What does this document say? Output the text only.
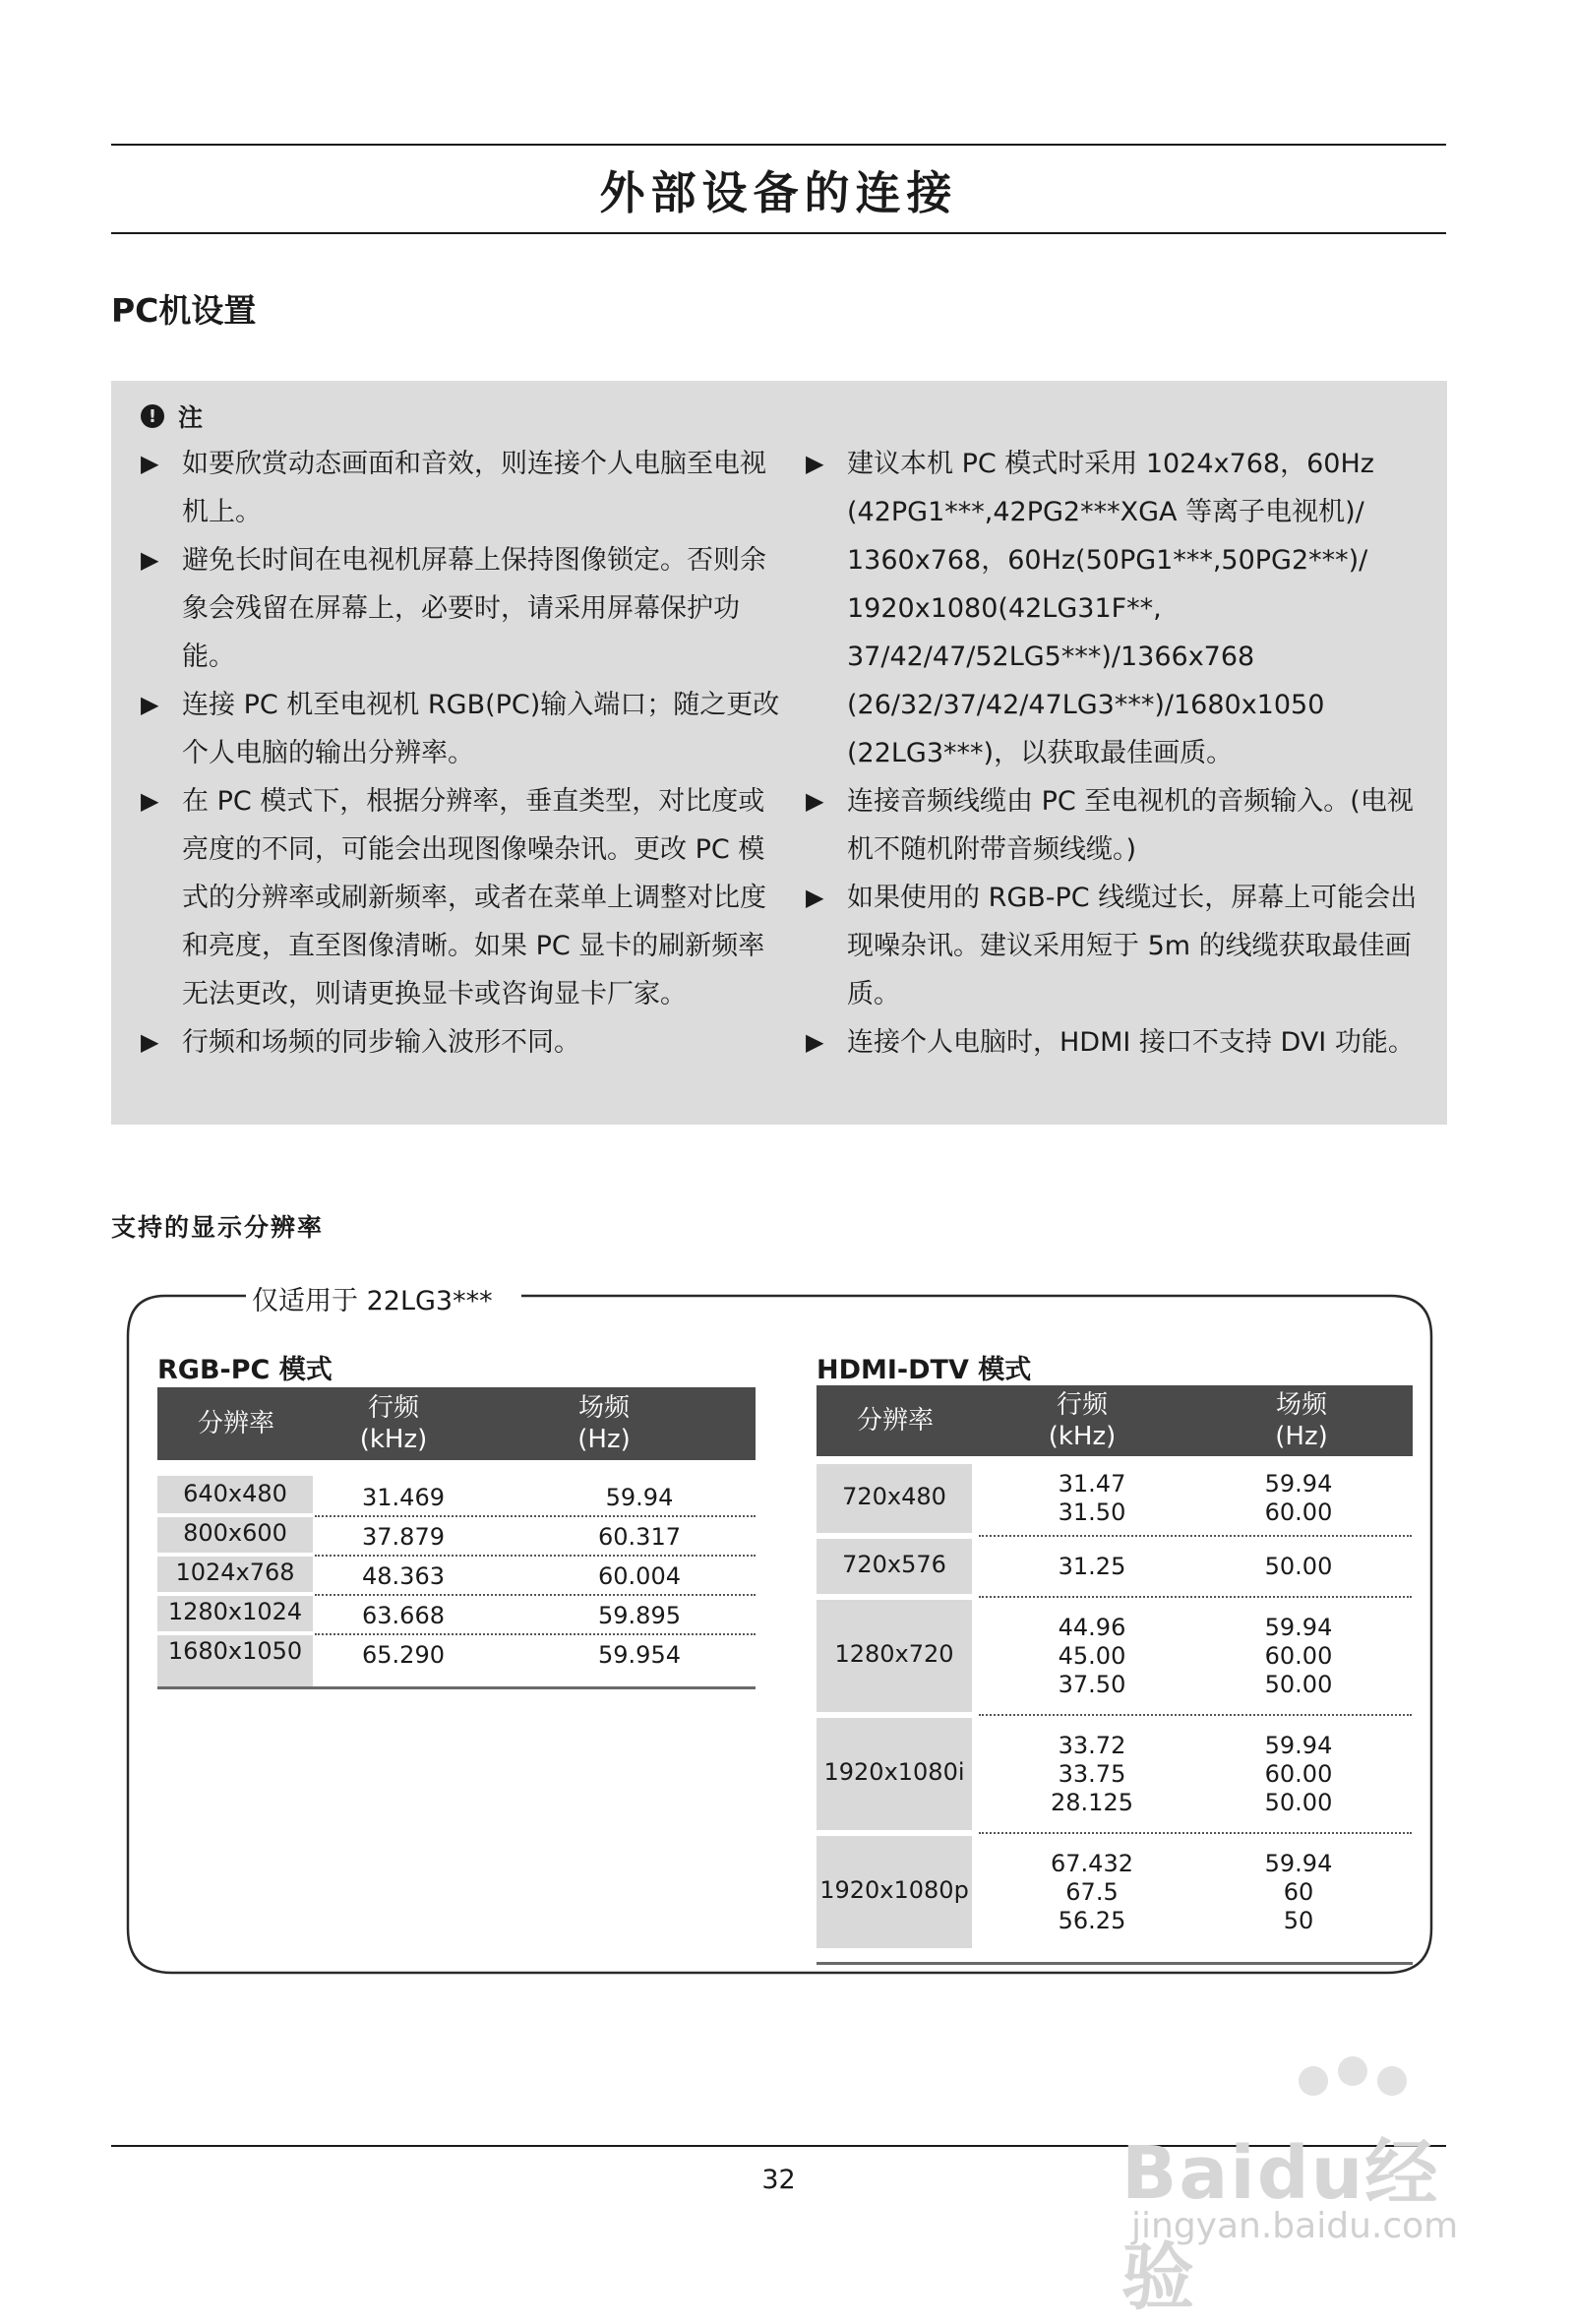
外部设备的连接
PC机设置
! 注
▶ 如要欣赏动态画面和音效，则连接个人电脑至电视机上。
▶ 避免长时间在电视机屏幕上保持图像锁定。否则余象会残留在屏幕上，必要时，请采用屏幕保护功能。
▶ 连接 PC 机至电视机 RGB(PC)输入端口；随之更改个人电脑的输出分辨率。
▶ 在 PC 模式下，根据分辨率，垂直类型，对比度或亮度的不同，可能会出现图像噪杂讯。更改 PC 模式的分辨率或刷新频率，或者在菜单上调整对比度和亮度，直至图像清晰。如果 PC 显卡的刷新频率无法更改，则请更换显卡或咨询显卡厂家。
▶ 行频和场频的同步输入波形不同。
▶ 建议本机 PC 模式时采用 1024x768，60Hz (42PG1***,42PG2***XGA 等离子电视机)/ 1360x768，60Hz(50PG1***,50PG2***)/ 1920x1080(42LG31F**, 37/42/47/52LG5***)/1366x768 (26/32/37/42/47LG3***)/1680x1050 (22LG3***)，以获取最佳画质。
▶ 连接音频线缆由 PC 至电视机的音频输入。(电视机不随机附带音频线缆。)
▶ 如果使用的 RGB-PC 线缆过长，屏幕上可能会出现噪杂讯。建议采用短于 5m 的线缆获取最佳画质。
▶ 连接个人电脑时，HDMI 接口不支持 DVI 功能。
支持的显示分辨率
仅适用于 22LG3***
RGB-PC 模式	HDMI-DTV 模式
分辨率
行频
(kHz)
场频
(Hz)
640x480	31.469	59.94
800x600	37.879	60.317
1024x768	48.363	60.004
1280x1024	63.668	59.895
1680x1050	65.290	59.954
分辨率
行频
(kHz)
场频
(Hz)
720x480	31.47	59.94
31.50	60.00
720x576	31.25	50.00
1280x720
44.96	59.94
45.00	60.00
37.50	50.00
1920x1080i
33.72	59.94
33.75	60.00
28.125	50.00
1920x1080p
67.432	59.94
67.5	60
56.25	50

32	Baidu经验
jingyan.baidu.com
